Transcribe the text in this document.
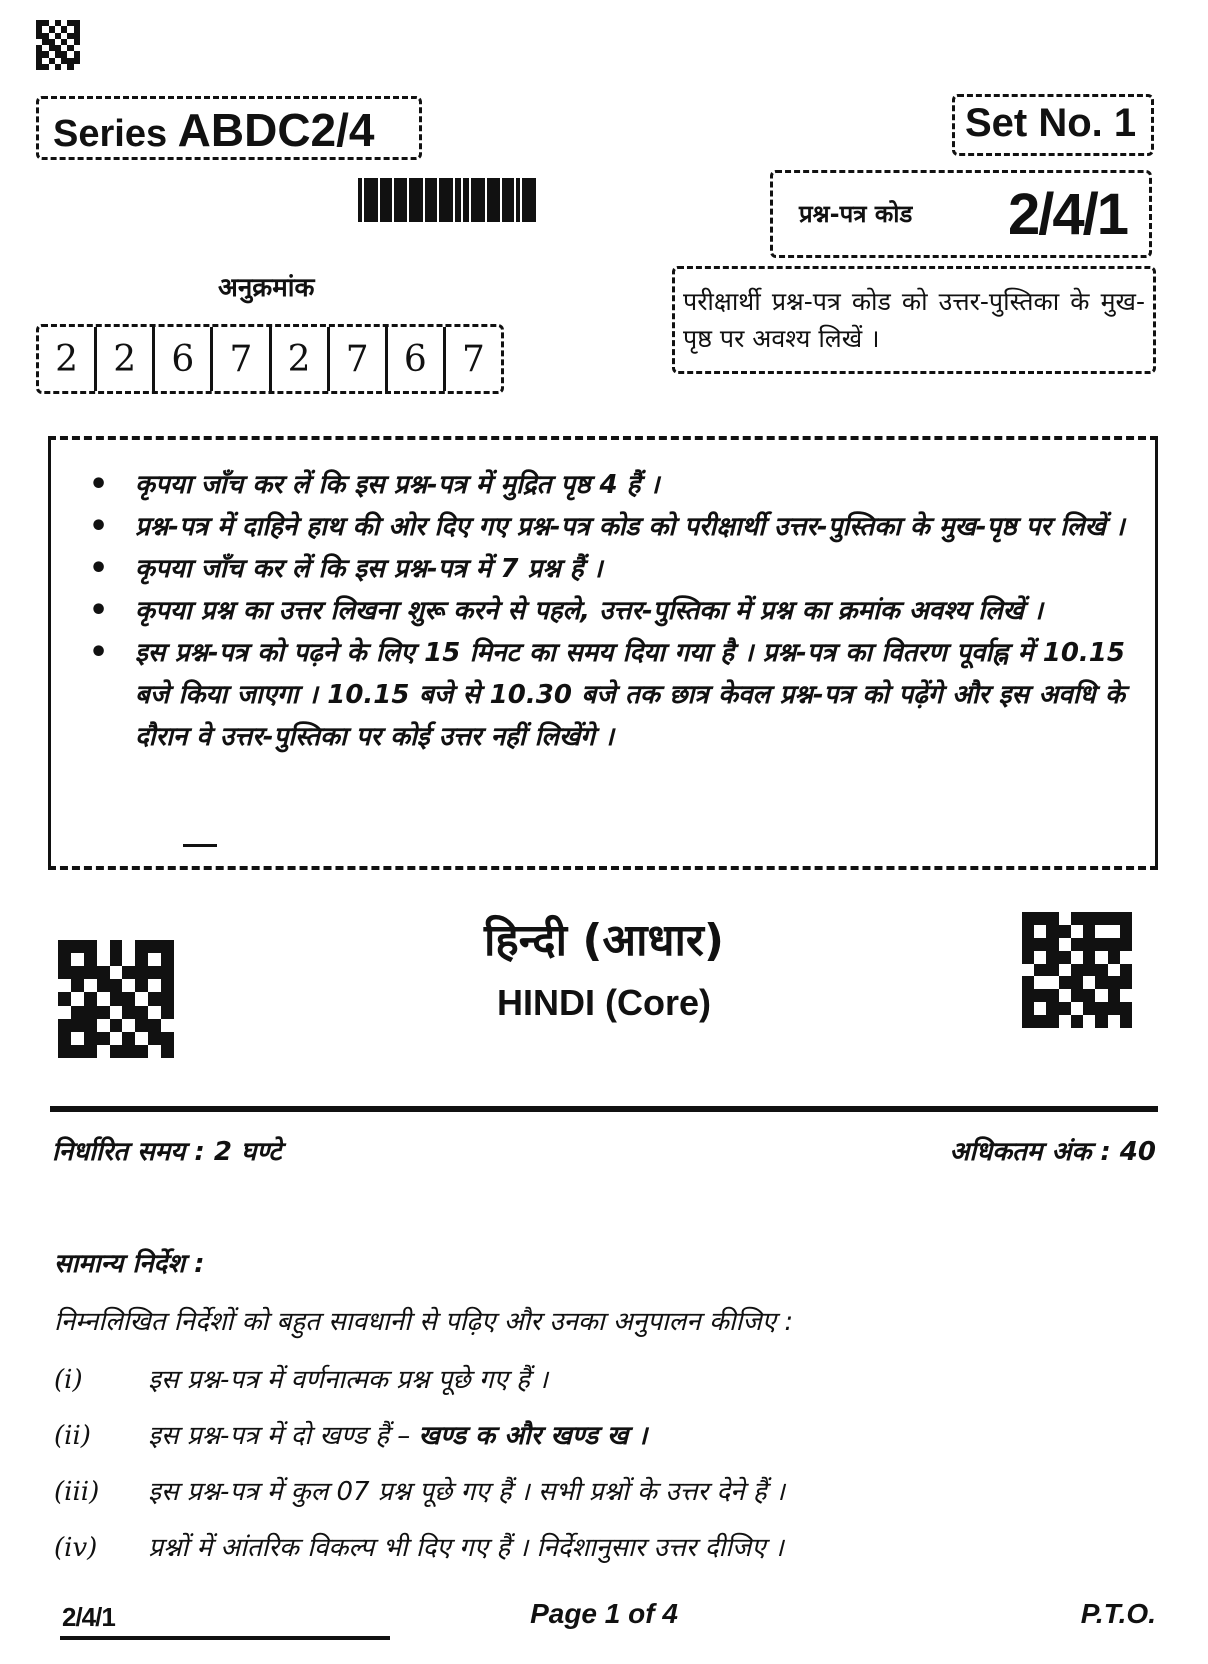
Series ABDC2/4	Set No. 1
प्रश्न-पत्र कोड 2/4/1
परीक्षार्थी प्रश्न-पत्र कोड को उत्तर-पुस्तिका के मुख-पृष्ठ पर अवश्य लिखें ।
अनुक्रमांक
2 2 6 7 2 7 6 7
• कृपया जाँच कर लें कि इस प्रश्न-पत्र में मुद्रित पृष्ठ 4 हैं ।
• प्रश्न-पत्र में दाहिने हाथ की ओर दिए गए प्रश्न-पत्र कोड को परीक्षार्थी उत्तर-पुस्तिका के मुख-पृष्ठ पर लिखें ।
• कृपया जाँच कर लें कि इस प्रश्न-पत्र में 7 प्रश्न हैं ।
• कृपया प्रश्न का उत्तर लिखना शुरू करने से पहले, उत्तर-पुस्तिका में प्रश्न का क्रमांक अवश्य लिखें ।
• इस प्रश्न-पत्र को पढ़ने के लिए 15 मिनट का समय दिया गया है । प्रश्न-पत्र का वितरण पूर्वाह्न में 10.15 बजे किया जाएगा । 10.15 बजे से 10.30 बजे तक छात्र केवल प्रश्न-पत्र को पढ़ेंगे और इस अवधि के दौरान वे उत्तर-पुस्तिका पर कोई उत्तर नहीं लिखेंगे ।
हिन्दी (आधार)
HINDI (Core)
निर्धारित समय : 2 घण्टे	अधिकतम अंक : 40
सामान्य निर्देश :
निम्नलिखित निर्देशों को बहुत सावधानी से पढ़िए और उनका अनुपालन कीजिए :
(i)	इस प्रश्न-पत्र में वर्णनात्मक प्रश्न पूछे गए हैं ।
(ii) इस प्रश्न-पत्र में दो खण्ड हैं – खण्ड क और खण्ड ख ।
(iii) इस प्रश्न-पत्र में कुल 07 प्रश्न पूछे गए हैं । सभी प्रश्नों के उत्तर देने हैं ।
(iv) प्रश्नों में आंतरिक विकल्प भी दिए गए हैं । निर्देशानुसार उत्तर दीजिए ।
2/4/1	Page 1 of 4	P.T.O.
